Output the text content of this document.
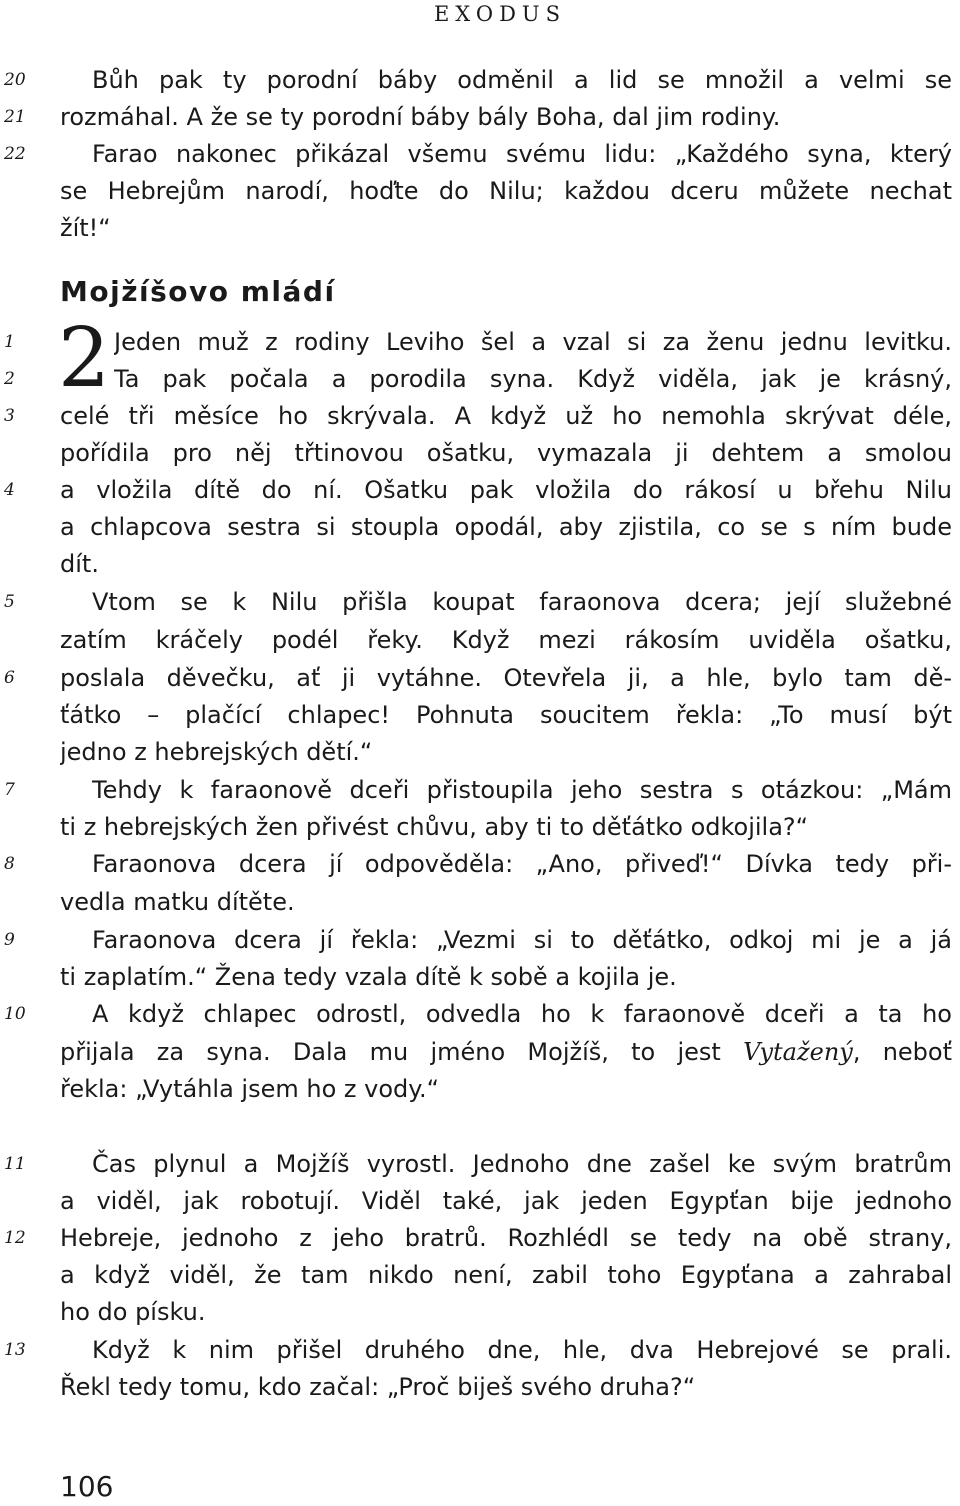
EXODUS
20
21
22
1
2
3
4
5
6
7
8
9
10
11
12
13
Bůh pak ty porodní báby odměnil a lid se množil a velmi se
rozmáhal. A že se ty porodní báby bály Boha, dal jim rodiny.
Farao nakonec přikázal všemu svému lidu: „Každého syna, který
se Hebrejům narodí, hoďte do Nilu; každou dceru můžete nechat
žít!“
Mojžíšovo mládí
2 Jeden muž z rodiny Leviho šel a vzal si za ženu jednu levitku.
Ta pak počala a porodila syna. Když viděla, jak je krásný,
celé tři měsíce ho skrývala. A když už ho nemohla skrývat déle,
pořídila pro něj třtinovou ošatku, vymazala ji dehtem a smolou
a vložila dítě do ní. Ošatku pak vložila do rákosí u břehu Nilu
a chlapcova sestra si stoupla opodál, aby zjistila, co se s ním bude
dít.
Vtom se k Nilu přišla koupat faraonova dcera; její služebné
zatím kráčely podél řeky. Když mezi rákosím uviděla ošatku,
poslala děvečku, ať ji vytáhne. Otevřela ji, a hle, bylo tam dě-
ťátko – plačící chlapec! Pohnuta soucitem řekla: „To musí být
jedno z hebrejských dětí.“
Tehdy k faraonově dceři přistoupila jeho sestra s otázkou: „Mám
ti z hebrejských žen přivést chůvu, aby ti to děťátko odkojila?“
Faraonova dcera jí odpověděla: „Ano, přiveď!“ Dívka tedy při-
vedla matku dítěte.
Faraonova dcera jí řekla: „Vezmi si to děťátko, odkoj mi je a já
ti zaplatím.“ Žena tedy vzala dítě k sobě a kojila je.
A když chlapec odrostl, odvedla ho k faraonově dceři a ta ho
přijala za syna. Dala mu jméno Mojžíš, to jest Vytažený, neboť
řekla: „Vytáhla jsem ho z vody.“
Čas plynul a Mojžíš vyrostl. Jednoho dne zašel ke svým bratrům
a viděl, jak robotují. Viděl také, jak jeden Egypťan bije jednoho
Hebreje, jednoho z jeho bratrů. Rozhlédl se tedy na obě strany,
a když viděl, že tam nikdo není, zabil toho Egypťana a zahrabal
ho do písku.
Když k nim přišel druhého dne, hle, dva Hebrejové se prali.
Řekl tedy tomu, kdo začal: „Proč biješ svého druha?“
106
